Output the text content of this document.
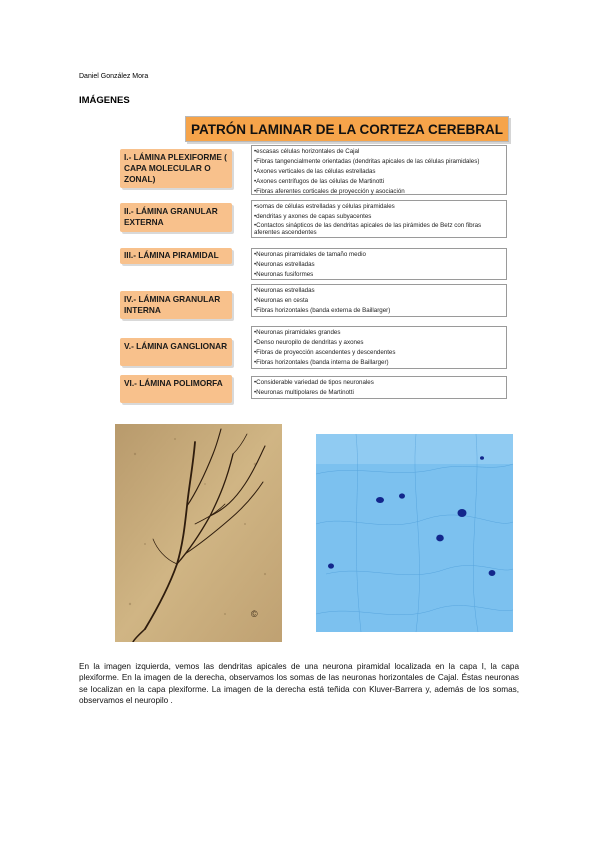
Daniel González Mora
IMÁGENES
PATRÓN LAMINAR DE LA CORTEZA CEREBRAL
I.- LÁMINA PLEXIFORME ( CAPA MOLECULAR O ZONAL)
•escasas células horizontales de Cajal
•Fibras tangencialmente orientadas (dendritas apicales de las células piramidales)
•Axones verticales de las células estrelladas
•Axones centrífugos de las células de Martinotti
•Fibras aferentes corticales de proyección y asociación
II.- LÁMINA GRANULAR EXTERNA
•somas de células estrelladas y células piramidales
•dendritas y axones de capas subyacentes
•Contactos sinápticos de las dendritas apicales de las pirámides de Betz con fibras aferentes ascendentes
III.- LÁMINA PIRAMIDAL	•Neuronas piramidales de tamaño medio
•Neuronas estrelladas
•Neuronas fusiformes
IV.- LÁMINA GRANULAR INTERNA
•Neuronas estrelladas
•Neuronas en cesta
•Fibras horizontales (banda externa de Baillarger)
V.- LÁMINA GANGLIONAR
•Neuronas piramidales grandes
•Denso neuropilo de dendritas y axones
•Fibras de proyección ascendentes y descendentes
•Fibras horizontales (banda interna de Baillarger)
VI.- LÁMINA POLIMORFA	•Considerable variedad de tipos neuronales
•Neuronas multipolares de Martinotti
©
En la imagen izquierda, vemos las dendritas apicales de una neurona piramidal localizada en la capa I, la capa plexiforme. En la imagen de la derecha, observamos los somas de las neuronas horizontales de Cajal. Éstas neuronas se localizan en la capa plexiforme. La imagen de la derecha está teñida con Kluver-Barrera y, además de los somas, observamos el neuropilo .
